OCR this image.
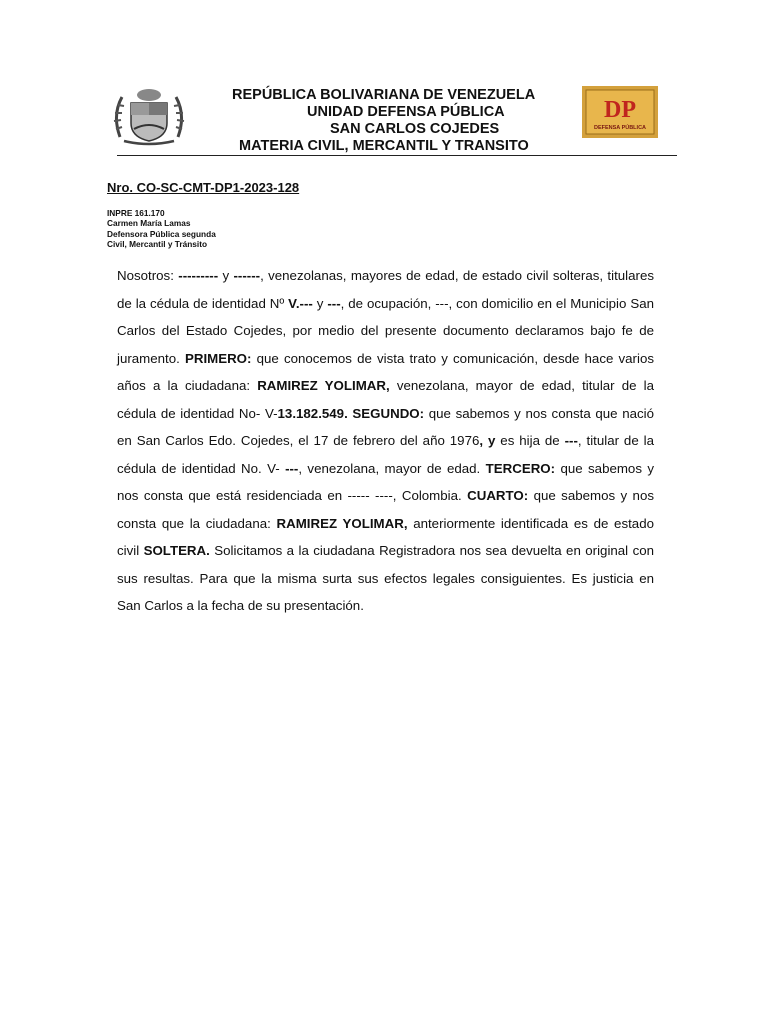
REPÚBLICA BOLIVARIANA DE VENEZUELA
UNIDAD DEFENSA PÚBLICA
SAN CARLOS COJEDES
MATERIA CIVIL, MERCANTIL Y TRANSITO
DP
DEFENSA PÚBLICA
Nro. CO-SC-CMT-DP1-2023-128
INPRE 161.170
Carmen María Lamas
Defensora Pública segunda
Civil, Mercantil y Tránsito
Nosotros: --------- y ------, venezolanas, mayores de edad, de estado civil solteras, titulares de la cédula de identidad Nº V.--- y ---, de ocupación, ---, con domicilio en el Municipio San Carlos del Estado Cojedes, por medio del presente documento declaramos bajo fe de juramento. PRIMERO: que conocemos de vista trato y comunicación, desde hace varios años a la ciudadana: RAMIREZ YOLIMAR, venezolana, mayor de edad, titular de la cédula de identidad No- V-13.182.549. SEGUNDO: que sabemos y nos consta que nació en San Carlos Edo. Cojedes, el 17 de febrero del año 1976, y es hija de ---, titular de la cédula de identidad No. V- ---, venezolana, mayor de edad. TERCERO: que sabemos y nos consta que está residenciada en ----- ----, Colombia. CUARTO: que sabemos y nos consta que la ciudadana: RAMIREZ YOLIMAR, anteriormente identificada es de estado civil SOLTERA. Solicitamos a la ciudadana Registradora nos sea devuelta en original con sus resultas. Para que la misma surta sus efectos legales consiguientes. Es justicia en San Carlos a la fecha de su presentación.
